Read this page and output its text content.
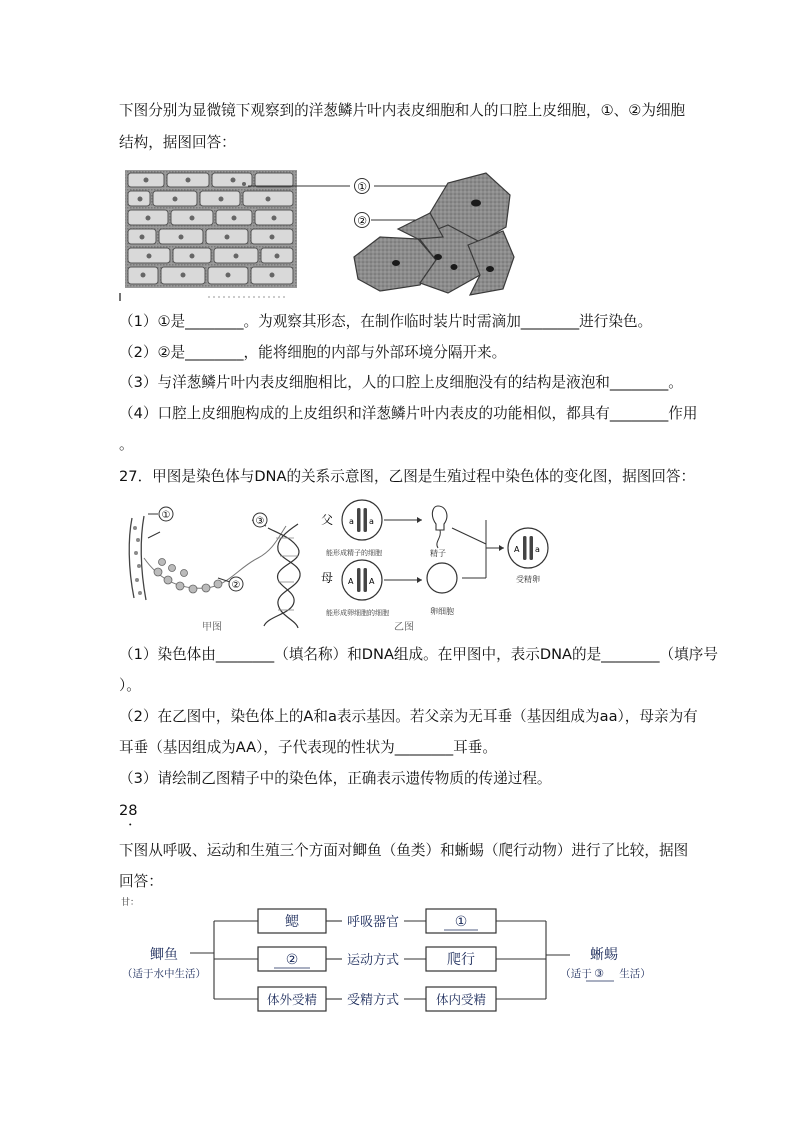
下图分别为显微镜下观察到的洋葱鳞片叶内表皮细胞和人的口腔上皮细胞，①、②为细胞
结构，据图回答：
①
②
（1）①是________。为观察其形态，在制作临时装片时需滴加________进行染色。
（2）②是________，能将细胞的内部与外部环境分隔开来。
（3）与洋葱鳞片叶内表皮细胞相比，人的口腔上皮细胞没有的结构是液泡和________。
（4）口腔上皮细胞构成的上皮组织和洋葱鳞片叶内表皮的功能相似，都具有________作用
。
27．甲图是染色体与DNA的关系示意图，乙图是生殖过程中染色体的变化图，据图回答：
①
②
③
甲图
父 a a
能形成精子的细胞	精子
母 A A
能形成卵细胞的细胞	卵细胞
A a
受精卵
乙图
（1）染色体由________（填名称）和DNA组成。在甲图中，表示DNA的是________（填序号
）。
（2）在乙图中，染色体上的A和a表示基因。若父亲为无耳垂（基因组成为aa），母亲为有
耳垂（基因组成为AA），子代表现的性状为________耳垂。
（3）请绘制乙图精子中的染色体，正确表示遗传物质的传递过程。
28
．
下图从呼吸、运动和生殖三个方面对鲫鱼（鱼类）和蜥蜴（爬行动物）进行了比较，据图
回答：
甘：
鲫鱼
（适于水中生活）
蜥蜴
（适于 ③ 生活）
鳃	呼吸器官	①
②	运动方式	爬行
体外受精 受精方式	体内受精
